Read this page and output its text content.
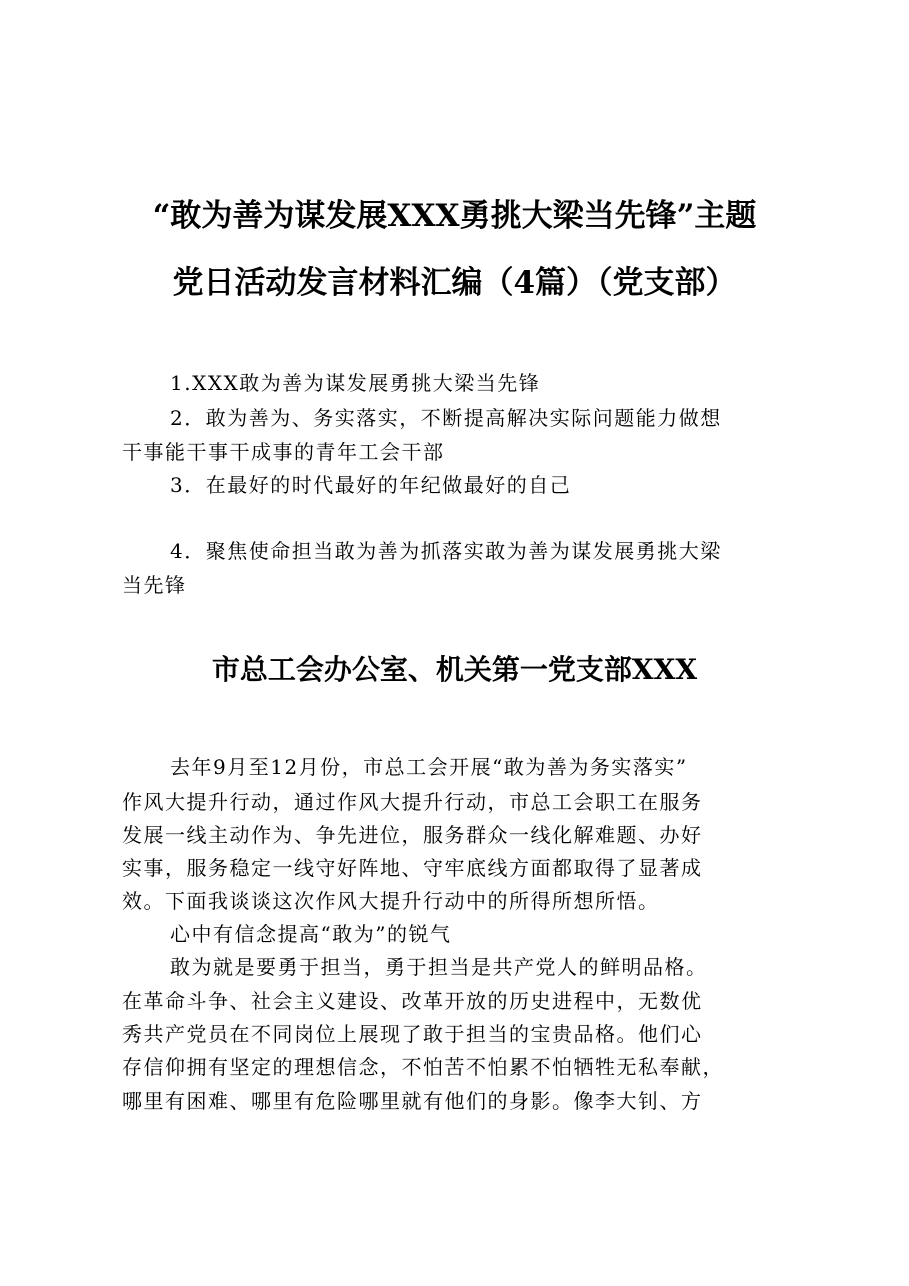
“敢为善为谋发展XXX勇挑大梁当先锋”主题
党日活动发言材料汇编（4篇）（党支部）
1.XXX敢为善为谋发展勇挑大梁当先锋
2．敢为善为、务实落实，不断提高解决实际问题能力做想
干事能干事干成事的青年工会干部
3．在最好的时代最好的年纪做最好的自己
4．聚焦使命担当敢为善为抓落实敢为善为谋发展勇挑大梁
当先锋
市总工会办公室、机关第一党支部XXX
去年9月至12月份，市总工会开展“敢为善为务实落实”
作风大提升行动，通过作风大提升行动，市总工会职工在服务
发展一线主动作为、争先进位，服务群众一线化解难题、办好
实事，服务稳定一线守好阵地、守牢底线方面都取得了显著成
效。下面我谈谈这次作风大提升行动中的所得所想所悟。
心中有信念提高“敢为”的锐气
敢为就是要勇于担当，勇于担当是共产党人的鲜明品格。
在革命斗争、社会主义建设、改革开放的历史进程中，无数优
秀共产党员在不同岗位上展现了敢于担当的宝贵品格。他们心
存信仰拥有坚定的理想信念，不怕苦不怕累不怕牺牲无私奉献，
哪里有困难、哪里有危险哪里就有他们的身影。像李大钊、方
